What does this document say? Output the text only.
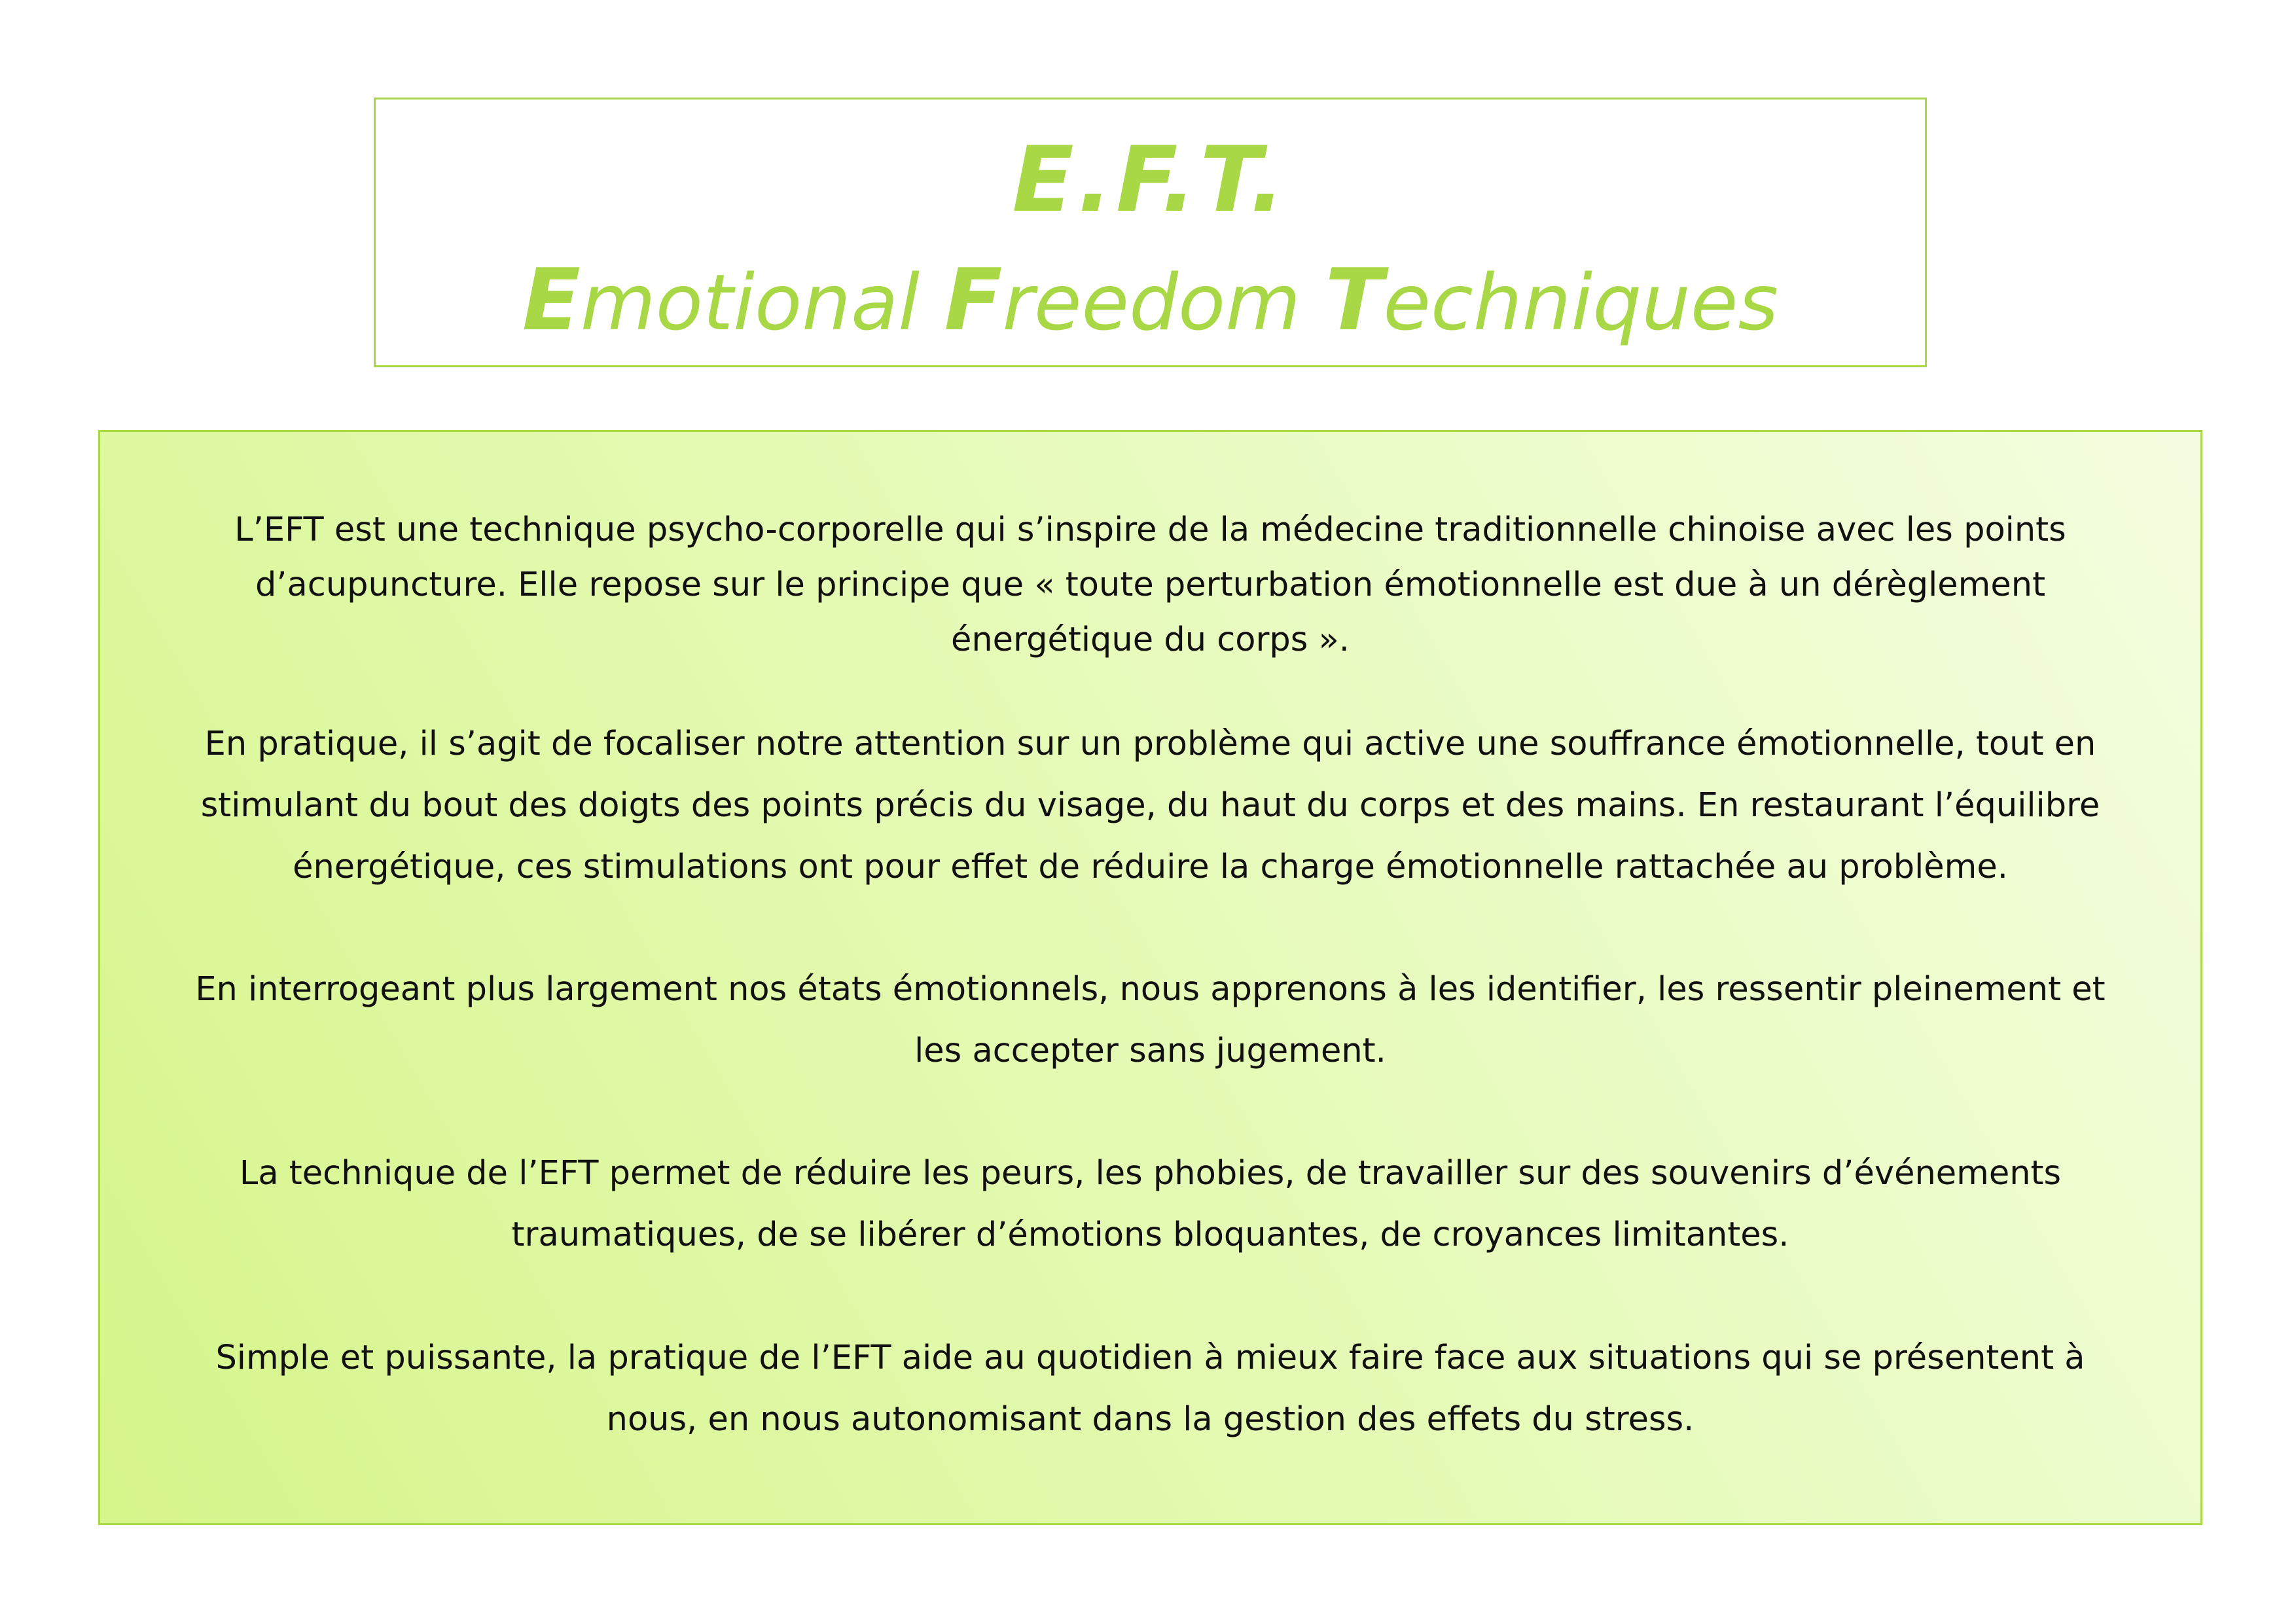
E.F.T.
Emotional Freedom Techniques

L’EFT est une technique psycho-corporelle qui s’inspire de la médecine traditionnelle chinoise avec les points
d’acupuncture. Elle repose sur le principe que « toute perturbation émotionnelle est due à un dérèglement
énergétique du corps ».

En pratique, il s’agit de focaliser notre attention sur un problème qui active une souffrance émotionnelle, tout en
stimulant du bout des doigts des points précis du visage, du haut du corps et des mains. En restaurant l’équilibre
énergétique, ces stimulations ont pour effet de réduire la charge émotionnelle rattachée au problème.

En interrogeant plus largement nos états émotionnels, nous apprenons à les identifier, les ressentir pleinement et
les accepter sans jugement.

La technique de l’EFT permet de réduire les peurs, les phobies, de travailler sur des souvenirs d’événements
traumatiques, de se libérer d’émotions bloquantes, de croyances limitantes.

Simple et puissante, la pratique de l’EFT aide au quotidien à mieux faire face aux situations qui se présentent à
nous, en nous autonomisant dans la gestion des effets du stress.
